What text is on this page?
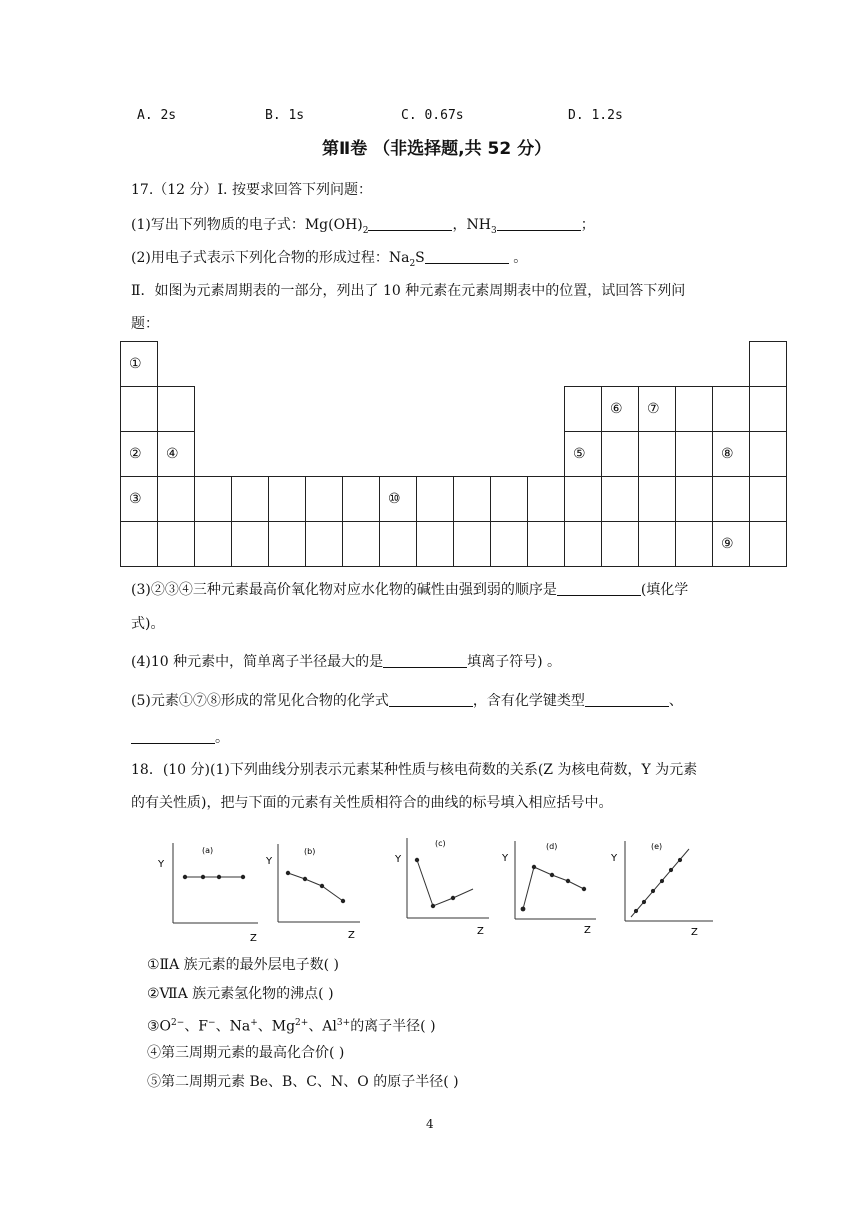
A. 2s	B. 1s	C. 0.67s	D. 1.2s
第Ⅱ卷 （非选择题,共 52 分）
17.（12 分）I. 按要求回答下列问题：
(1)写出下列物质的电子式：$Mg(OH)_2$	，$NH_3$	；
(2)用电子式表示下列化合物的形成过程：$Na_2S$	。
Ⅱ．如图为元素周期表的一部分，列出了 10 种元素在元素周期表中的位置，试回答下列问
题：
①																	
													⑥	⑦			
②	④											⑤				⑧	
③							⑩										
																⑨	
(3)②③④三种元素最高价氧化物对应水化物的碱性由强到弱的顺序是	(填化学
式)。
(4)10 种元素中，简单离子半径最大的是	填离子符号) 。
(5)元素①⑦⑧形成的常见化合物的化学式	，含有化学键类型	、
。
18．(10 分)(1)下列曲线分别表示元素某种性质与核电荷数的关系(Z 为核电荷数，Y 为元素
的有关性质)，把与下面的元素有关性质相符合的曲线的标号填入相应括号中。
Y
Z
(a)
Y
Z
(b)
Y
Z
(c)
Y
Z
(d)
Y
Z
(e)
①ⅡA 族元素的最外层电子数( )
②ⅦA 族元素氢化物的沸点( )
$③O^{2-}$、F−、Na+、$Mg^{2+}$、$Al^{3+}$的离子半径( )
④第三周期元素的最高化合价( )
⑤第二周期元素 Be、B、C、N、O 的原子半径( )
4
